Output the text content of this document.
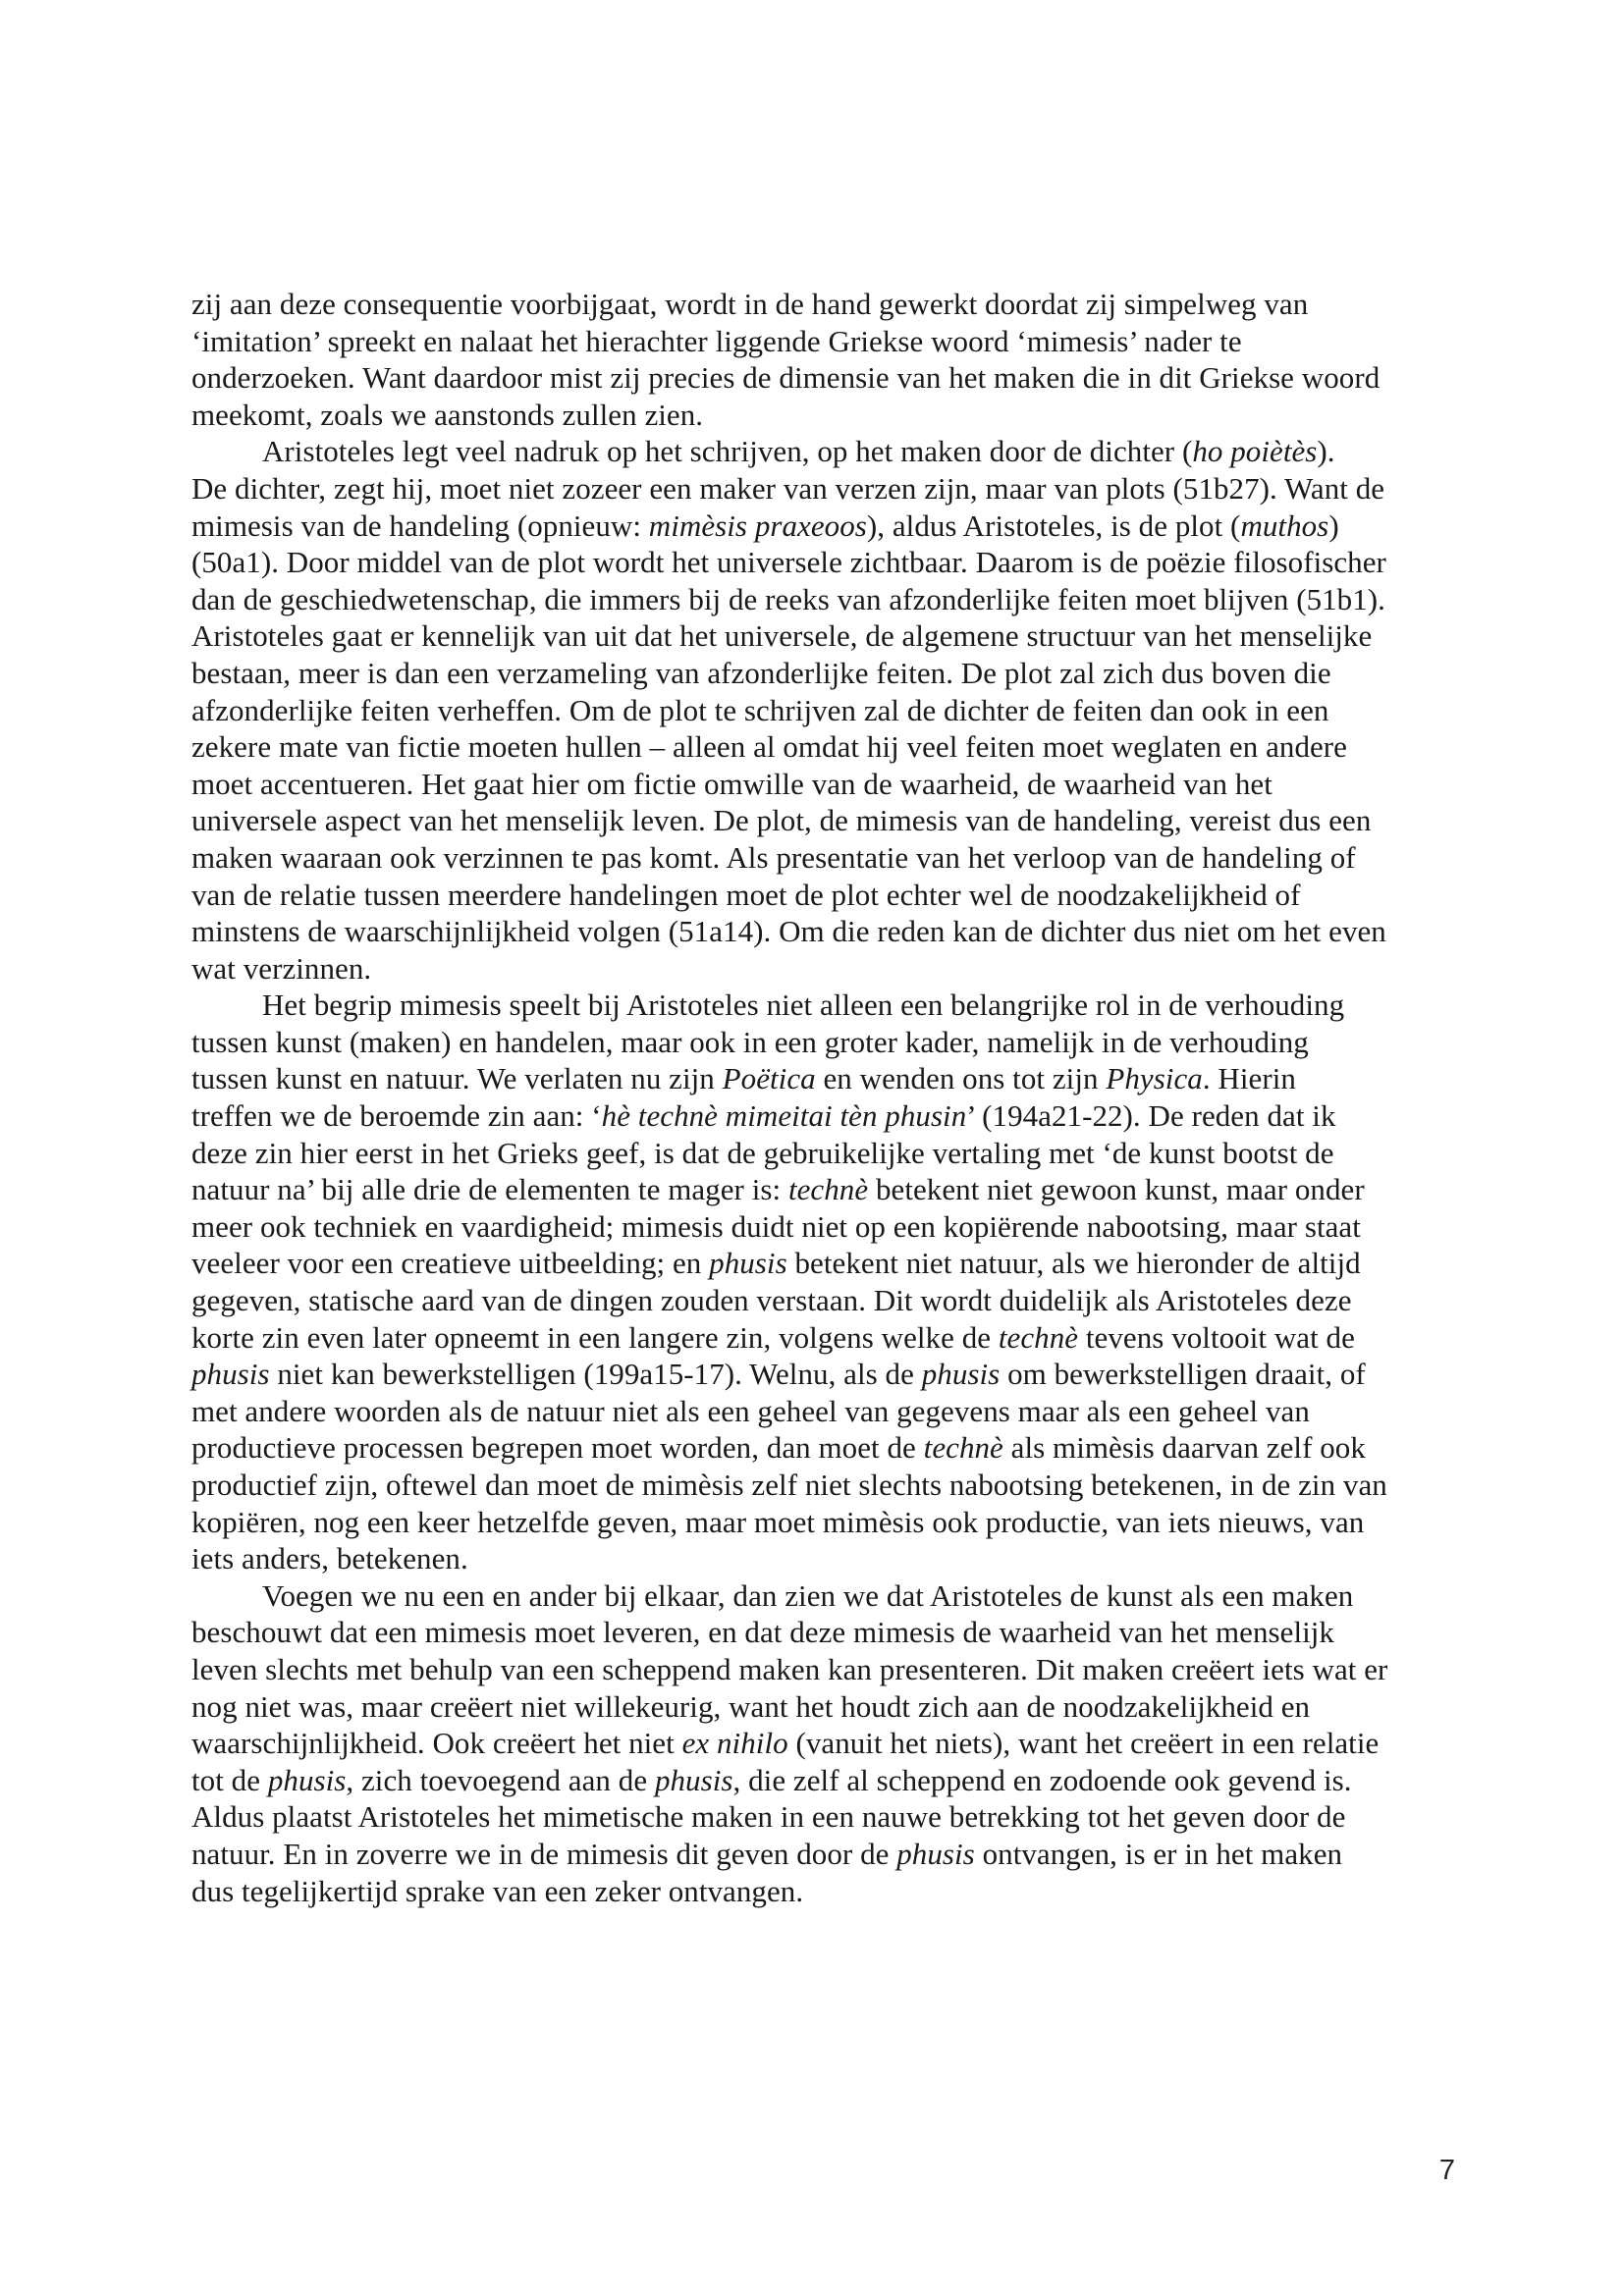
zij aan deze consequentie voorbijgaat, wordt in de hand gewerkt doordat zij simpelweg van
‘imitation’ spreekt en nalaat het hierachter liggende Griekse woord ‘mimesis’ nader te
onderzoeken. Want daardoor mist zij precies de dimensie van het maken die in dit Griekse woord
meekomt, zoals we aanstonds zullen zien.
Aristoteles legt veel nadruk op het schrijven, op het maken door de dichter (ho poiètès).
De dichter, zegt hij, moet niet zozeer een maker van verzen zijn, maar van plots (51b27). Want de
mimesis van de handeling (opnieuw: mimèsis praxeoos), aldus Aristoteles, is de plot (muthos)
(50a1). Door middel van de plot wordt het universele zichtbaar. Daarom is de poëzie filosofischer
dan de geschiedwetenschap, die immers bij de reeks van afzonderlijke feiten moet blijven (51b1).
Aristoteles gaat er kennelijk van uit dat het universele, de algemene structuur van het menselijke
bestaan, meer is dan een verzameling van afzonderlijke feiten. De plot zal zich dus boven die
afzonderlijke feiten verheffen. Om de plot te schrijven zal de dichter de feiten dan ook in een
zekere mate van fictie moeten hullen – alleen al omdat hij veel feiten moet weglaten en andere
moet accentueren. Het gaat hier om fictie omwille van de waarheid, de waarheid van het
universele aspect van het menselijk leven. De plot, de mimesis van de handeling, vereist dus een
maken waaraan ook verzinnen te pas komt. Als presentatie van het verloop van de handeling of
van de relatie tussen meerdere handelingen moet de plot echter wel de noodzakelijkheid of
minstens de waarschijnlijkheid volgen (51a14). Om die reden kan de dichter dus niet om het even
wat verzinnen.
Het begrip mimesis speelt bij Aristoteles niet alleen een belangrijke rol in de verhouding
tussen kunst (maken) en handelen, maar ook in een groter kader, namelijk in de verhouding
tussen kunst en natuur. We verlaten nu zijn Poëtica en wenden ons tot zijn Physica. Hierin
treffen we de beroemde zin aan: ‘hè technè mimeitai tèn phusin’ (194a21-22). De reden dat ik
deze zin hier eerst in het Grieks geef, is dat de gebruikelijke vertaling met ‘de kunst bootst de
natuur na’ bij alle drie de elementen te mager is: technè betekent niet gewoon kunst, maar onder
meer ook techniek en vaardigheid; mimesis duidt niet op een kopiërende nabootsing, maar staat
veeleer voor een creatieve uitbeelding; en phusis betekent niet natuur, als we hieronder de altijd
gegeven, statische aard van de dingen zouden verstaan. Dit wordt duidelijk als Aristoteles deze
korte zin even later opneemt in een langere zin, volgens welke de technè tevens voltooit wat de
phusis niet kan bewerkstelligen (199a15-17). Welnu, als de phusis om bewerkstelligen draait, of
met andere woorden als de natuur niet als een geheel van gegevens maar als een geheel van
productieve processen begrepen moet worden, dan moet de technè als mimèsis daarvan zelf ook
productief zijn, oftewel dan moet de mimèsis zelf niet slechts nabootsing betekenen, in de zin van
kopiëren, nog een keer hetzelfde geven, maar moet mimèsis ook productie, van iets nieuws, van
iets anders, betekenen.
Voegen we nu een en ander bij elkaar, dan zien we dat Aristoteles de kunst als een maken
beschouwt dat een mimesis moet leveren, en dat deze mimesis de waarheid van het menselijk
leven slechts met behulp van een scheppend maken kan presenteren. Dit maken creëert iets wat er
nog niet was, maar creëert niet willekeurig, want het houdt zich aan de noodzakelijkheid en
waarschijnlijkheid. Ook creëert het niet ex nihilo (vanuit het niets), want het creëert in een relatie
tot de phusis, zich toevoegend aan de phusis, die zelf al scheppend en zodoende ook gevend is.
Aldus plaatst Aristoteles het mimetische maken in een nauwe betrekking tot het geven door de
natuur. En in zoverre we in de mimesis dit geven door de phusis ontvangen, is er in het maken
dus tegelijkertijd sprake van een zeker ontvangen.
7
